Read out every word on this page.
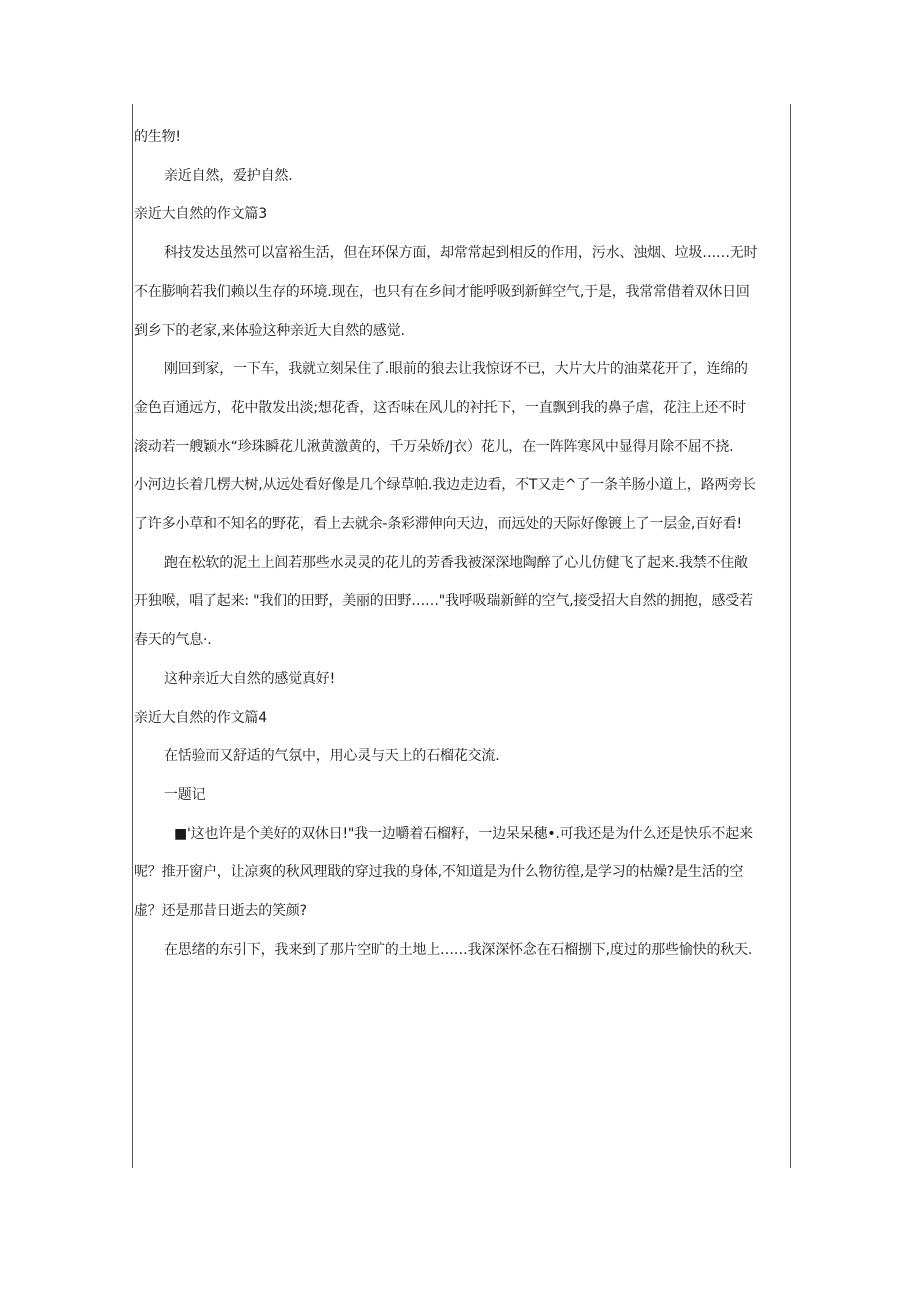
的生物!

亲近自然，爱护自然.

亲近大自然的作文篇3

科技发达虽然可以富裕生活，但在环保方面，却常常起到相反的作用，污水、浊烟、垃圾……无时

不在膨响若我们赖以生存的环境.现在，也只有在乡间才能呼吸到新鲜空气,于是，我常常借着双休日回

到乡下的老家,来体验这种亲近大自然的感觉.

刚回到家，一下车，我就立刻呆住了.眼前的狼去让我惊讶不已，大片大片的油菜花开了，连绵的

金色百通远方，花中散发出淡;想花香，这否味在风儿的衬托下，一直飘到我的鼻子虐，花注上还不时

滚动若一艘颖水“珍珠瞬花儿湫黄激黄的，千万朵娇/J衣）花儿，在一阵阵寒风中显得月除不屈不挠.

小河边长着几楞大树,从远处看好像是几个绿草帕.我边走边看，不T又走^了一条羊肠小道上，路两旁长

了许多小草和不知名的野花，看上去就余-条彩滞伸向天边，而远处的天际好像镀上了一层金,百好看!

跑在松软的泥土上闾若那些水灵灵的花儿的芳香我被深深地陶醉了心儿仿健飞了起来.我禁不住敞

开独喉，唱了起来: "我们的田野，美丽的田野……"我呼吸瑞新鲜的空气,接受招大自然的拥抱，感受若

春天的气息·.

这种亲近大自然的感觉真好!

亲近大自然的作文篇4

在恬验而又舒适的气氛中，用心灵与天上的石榴花交流.

一题记

■'这也许是个美好的双休日!"我一边嚼着石榴籽，一边呆呆穗•.可我还是为什么还是快乐不起来

呢？推开窗户，让凉爽的秋风理戢的穿过我的身体,不知道是为什么物彷徨,是学习的枯燥?是生活的空

虚？还是那昔日逝去的笑颜?

在思绪的东引下，我来到了那片空旷的土地上……我深深怀念在石榴捌下,度过的那些愉快的秋天.
